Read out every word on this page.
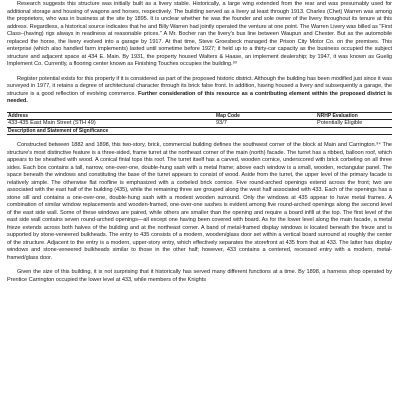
Research suggests this structure was initially built as a livery stable. Historically, a large wing extended from the rear and was presumably used for additional storage and housing of wagons and horses, respectively. The building served as a livery at least through 1913. Charles (Chet) Warren was among the proprietors, who was in business at the site by 1895. It is unclear whether he was the founder and sole owner of the livery throughout its tenure at this address. Regardless, a historical source indicates that he and Billy Warren had jointly operated the venture at one point. The Warren Livery was billed as "First Class–(having) rigs always in readiness at reasonable prices." A Mr. Bocher ran the livery's bus line between Waupun and Chester. But as the automobile replaced the horse, the livery evolved into a garage by 1917. At that time, Steve Groesbeck managed the Prison City Motor Co. on the premises. This enterprise (which also handled farm implements) lasted until sometime before 1927; it held up to a thirty-car capacity as the business occupied the subject structure and adjacent space at 434 E. Main. By 1931, the property housed Walters & Haase, an implement dealership; by 1947, it was known as Guelig Implement Co. Currently, a flooring center known as Finishing Touches occupies the building.⁹³

Register potential exists for this property if it is considered as part of the proposed historic district. Although the building has been modified just since it was surveyed in 1977, it retains a degree of architectural character through its brick false front. In addition, having housed a livery and subsequently a garage, the structure is a good reflection of evolving commerce. Further consideration of this resource as a contributing element within the proposed district is needed.

Address	Map Code	NRHP Evaluation
433-435 East Main Street (STH 49)	93/7	Potentially Eligible
Description and Statement of Significance

Constructed between 1882 and 1898, this two-story, brick, commercial building defines the southwest corner of the block at Main and Carrington.⁹⁴ The structure's most distinctive feature is a three-sided, frame turret at the northeast corner of the main (north) facade. The turret has a ribbed, balloon roof, which appears to be sheathed with wood. A conical finial tops this roof. The turret itself has a carved, wooden cornice, underscored with brick corbeling on all three sides. Each box contains a tall, narrow, one-over-one, double-hung sash with a metal frame; above each window is a small, wooden, rectangular panel. The space beneath the windows and constituting the base of the turret appears to consist of wood. Aside from the turret, the upper level of the primary facade is relatively simple. The otherwise flat roofline is emphasized with a corbeled brick cornice. Five round-arched openings extend across the front; two are associated with the east half of the building (435), while the remaining three are grouped along the west half associated with 433. Each of the openings has a stone sill and contains a one-over-one, double-hung sash with a modest wooden surround. Only the windows at 435 appear to have metal frames. A combination of similar window replacements and wooden-framed, one-over-one sashes is evident among five round-arched openings along the second level of the east side wall. Some of these windows are paired, while others are smaller than the opening and require a board infill at the top. The first level of the east side wall contains seven round-arched openings—all except one having been covered with board. As for the lower level along the main facade, a metal frieze extends across both halves of the building and at the northeast corner. A band of metal-framed display windows is located beneath the frieze and is supported by stone-veneered bulkheads. The entry to 435 consists of a modern, wooden/glass door set within a vertical board surround at roughly the center of the structure. Adjacent to the entry is a modern, upper-story entry, which effectively separates the storefront at 435 from that at 433. The latter has display windows and stone-veneered bulkheads similar to those in the other half; however, 433 contains a centered, recessed entry with a modern, metal-framed/glass door.

Given the size of this building, it is not surprising that it historically has served many different functions at a time. By 1898, a harness shop operated by Prentice Carrington occupied the lower level at 433, while members of the Knights
